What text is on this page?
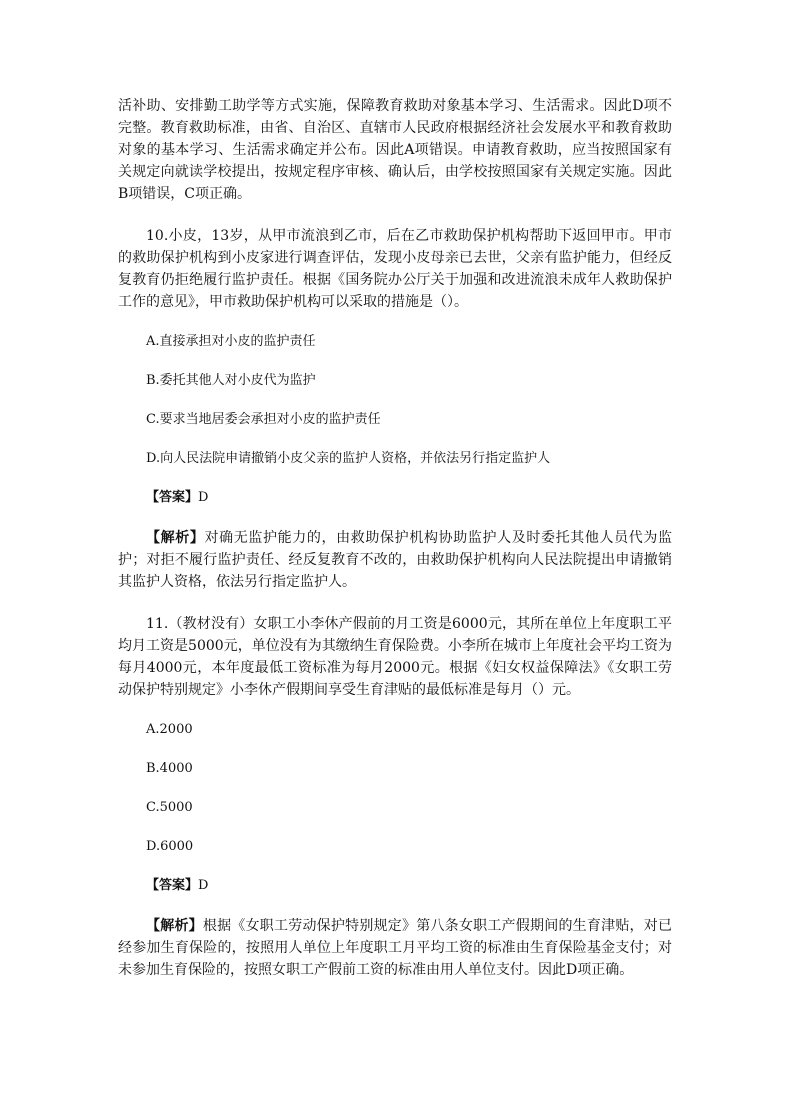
活补助、安排勤工助学等方式实施，保障教育救助对象基本学习、生活需求。因此D项不完整。教育救助标准，由省、自治区、直辖市人民政府根据经济社会发展水平和教育救助对象的基本学习、生活需求确定并公布。因此A项错误。申请教育救助，应当按照国家有关规定向就读学校提出，按规定程序审核、确认后，由学校按照国家有关规定实施。因此B项错误，C项正确。

10.小皮，13岁，从甲市流浪到乙市，后在乙市救助保护机构帮助下返回甲市。甲市的救助保护机构到小皮家进行调查评估，发现小皮母亲已去世，父亲有监护能力，但经反复教育仍拒绝履行监护责任。根据《国务院办公厅关于加强和改进流浪未成年人救助保护工作的意见》，甲市救助保护机构可以采取的措施是（）。

A.直接承担对小皮的监护责任

B.委托其他人对小皮代为监护

C.要求当地居委会承担对小皮的监护责任

D.向人民法院申请撤销小皮父亲的监护人资格，并依法另行指定监护人

【答案】D

【解析】对确无监护能力的，由救助保护机构协助监护人及时委托其他人员代为监护；对拒不履行监护责任、经反复教育不改的，由救助保护机构向人民法院提出申请撤销其监护人资格，依法另行指定监护人。

11.（教材没有）女职工小李休产假前的月工资是6000元，其所在单位上年度职工平均月工资是5000元，单位没有为其缴纳生育保险费。小李所在城市上年度社会平均工资为每月4000元，本年度最低工资标准为每月2000元。根据《妇女权益保障法》《女职工劳动保护特别规定》小李休产假期间享受生育津贴的最低标准是每月（）元。

A.2000

B.4000

C.5000

D.6000

【答案】D

【解析】根据《女职工劳动保护特别规定》第八条女职工产假期间的生育津贴，对已经参加生育保险的，按照用人单位上年度职工月平均工资的标准由生育保险基金支付；对未参加生育保险的，按照女职工产假前工资的标准由用人单位支付。因此D项正确。
